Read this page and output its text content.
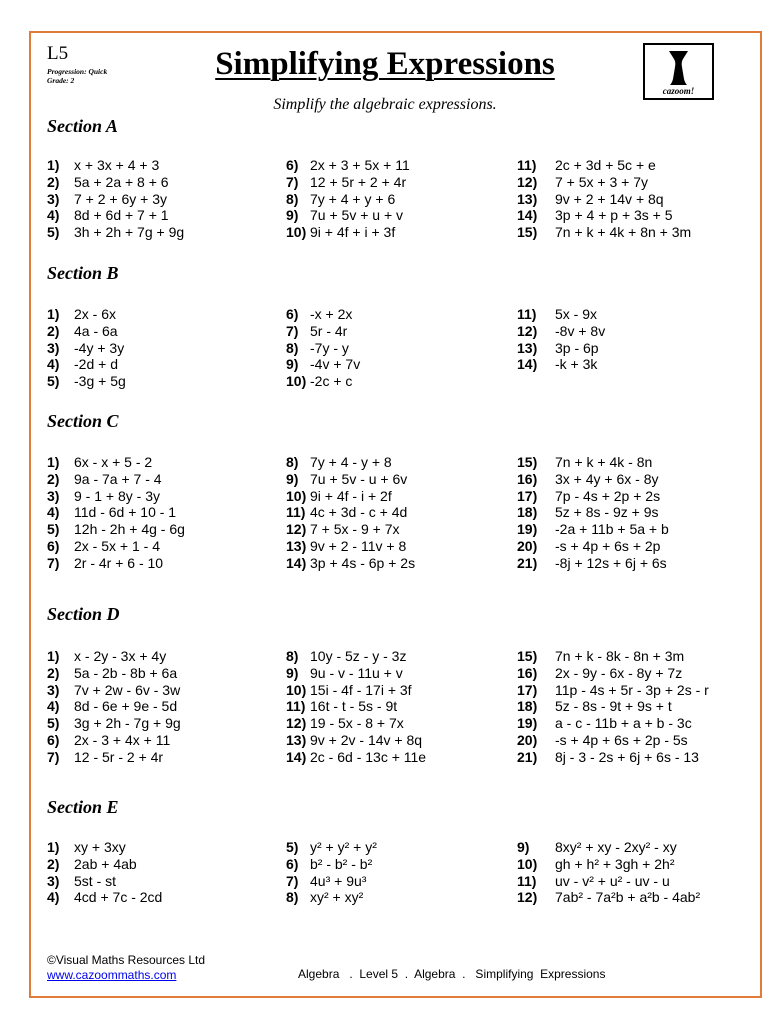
L5
Progression: Quick
Grade: 2	Simplifying Expressions
cazoom!
Simplify the algebraic expressions.
Section A
1) x + 3x + 4 + 3
2) 5a + 2a + 8 + 6
3) 7 + 2 + 6y + 3y
4) 8d + 6d + 7 + 1
5) 3h + 2h + 7g + 9g
6) 2x + 3 + 5x + 11
7) 12 + 5r + 2 + 4r
8) 7y + 4 + y + 6
9) 7u + 5v + u + v
10) 9i + 4f + i + 3f
11) 2c + 3d + 5c + e
12) 7 + 5x + 3 + 7y
13) 9v + 2 + 14v + 8q
14) 3p + 4 + p + 3s + 5
15) 7n + k + 4k + 8n + 3m
Section B
1) 2x - 6x
2) 4a - 6a
3) -4y + 3y
4) -2d + d
5) -3g + 5g
6) -x + 2x
7) 5r - 4r
8) -7y - y
9) -4v + 7v
10) -2c + c
11) 5x - 9x
12) -8v + 8v
13) 3p - 6p
14) -k + 3k
Section C
1) 6x - x + 5 - 2
2) 9a - 7a + 7 - 4
3) 9 - 1 + 8y - 3y
4) 11d - 6d + 10 - 1
5) 12h - 2h + 4g - 6g
6) 2x - 5x + 1 - 4
7) 2r - 4r + 6 - 10
8) 7y + 4 - y + 8
9) 7u + 5v - u + 6v
10) 9i + 4f - i + 2f
11) 4c + 3d - c + 4d
12) 7 + 5x - 9 + 7x
13) 9v + 2 - 11v + 8
14) 3p + 4s - 6p + 2s
15) 7n + k + 4k - 8n
16) 3x + 4y + 6x - 8y
17) 7p - 4s + 2p + 2s
18) 5z + 8s - 9z + 9s
19) -2a + 11b + 5a + b
20) -s + 4p + 6s + 2p
21) -8j + 12s + 6j + 6s
Section D
1) x - 2y - 3x + 4y
2) 5a - 2b - 8b + 6a
3) 7v + 2w - 6v - 3w
4) 8d - 6e + 9e - 5d
5) 3g + 2h - 7g + 9g
6) 2x - 3 + 4x + 11
7) 12 - 5r - 2 + 4r
8) 10y - 5z - y - 3z
9) 9u - v - 11u + v
10) 15i - 4f - 17i + 3f
11) 16t - t - 5s - 9t
12) 19 - 5x - 8 + 7x
13) 9v + 2v - 14v + 8q
14) 2c - 6d - 13c + 11e
15) 7n + k - 8k - 8n + 3m
16) 2x - 9y - 6x - 8y + 7z
17) 11p - 4s + 5r - 3p + 2s - r
18) 5z - 8s - 9t + 9s + t
19) a - c - 11b + a + b - 3c
20) -s + 4p + 6s + 2p - 5s
21) 8j - 3 - 2s + 6j + 6s - 13
Section E
1) xy + 3xy
2) 2ab + 4ab
3) 5st - st
4) 4cd + 7c - 2cd
5) y² + y² + y²
6) b² - b² - b²
7) 4u³ + 9u³
8) xy² + xy²
9) 8xy² + xy - 2xy² - xy
10) gh + h² + 3gh + 2h²
11) uv - v² + u² - uv - u
12) 7ab² - 7a²b + a²b - 4ab²
©Visual Maths Resources Ltd
www.cazoommaths.com	Algebra   .  Level 5  .  Algebra  .   Simplifying  Expressions
